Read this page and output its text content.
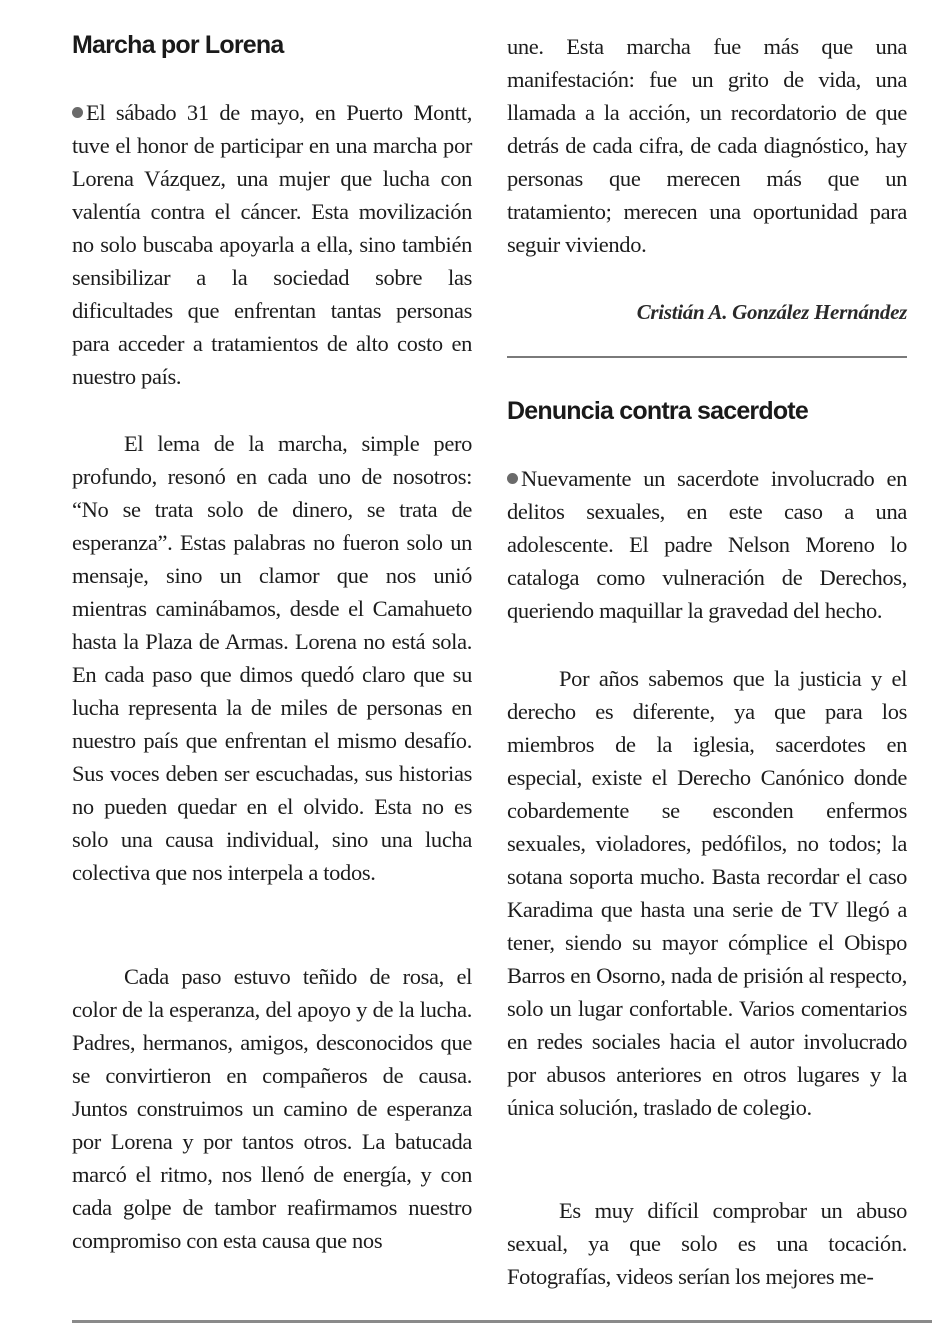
Marcha por Lorena

El sábado 31 de mayo, en Puerto Montt, tuve el honor de participar en una marcha por Lorena Vázquez, una mujer que lucha con valentía contra el cáncer. Esta movilización no solo buscaba apoyarla a ella, sino también sensibilizar a la sociedad sobre las dificultades que enfrentan tantas personas para acceder a tratamientos de alto costo en nuestro país.

El lema de la marcha, simple pero profundo, resonó en cada uno de nosotros: “No se trata solo de dinero, se trata de esperanza”. Estas palabras no fueron solo un mensaje, sino un clamor que nos unió mientras caminábamos, desde el Camahueto hasta la Plaza de Armas. Lorena no está sola. En cada paso que dimos quedó claro que su lucha representa la de miles de personas en nuestro país que enfrentan el mismo desafío. Sus voces deben ser escuchadas, sus historias no pueden quedar en el olvido. Esta no es solo una causa individual, sino una lucha colectiva que nos interpela a todos.

Cada paso estuvo teñido de rosa, el color de la esperanza, del apoyo y de la lucha. Padres, hermanos, amigos, desconocidos que se convirtieron en compañeros de causa. Juntos construimos un camino de esperanza por Lorena y por tantos otros. La batucada marcó el ritmo, nos llenó de energía, y con cada golpe de tambor reafirmamos nuestro compromiso con esta causa que nos

une. Esta marcha fue más que una manifestación: fue un grito de vida, una llamada a la acción, un recordatorio de que detrás de cada cifra, de cada diagnóstico, hay personas que merecen más que un tratamiento; merecen una oportunidad para seguir viviendo.

Cristián A. González Hernández

Denuncia contra sacerdote

Nuevamente un sacerdote involucrado en delitos sexuales, en este caso a una adolescente. El padre Nelson Moreno lo cataloga como vulneración de Derechos, queriendo maquillar la gravedad del hecho.

Por años sabemos que la justicia y el derecho es diferente, ya que para los miembros de la iglesia, sacerdotes en especial, existe el Derecho Canónico donde cobardemente se esconden enfermos sexuales, violadores, pedófilos, no todos; la sotana soporta mucho. Basta recordar el caso Karadima que hasta una serie de TV llegó a tener, siendo su mayor cómplice el Obispo Barros en Osorno, nada de prisión al respecto, solo un lugar confortable. Varios comentarios en redes sociales hacia el autor involucrado por abusos anteriores en otros lugares y la única solución, traslado de colegio.

Es muy difícil comprobar un abuso sexual, ya que solo es una tocación. Fotografías, videos serían los mejores me-
